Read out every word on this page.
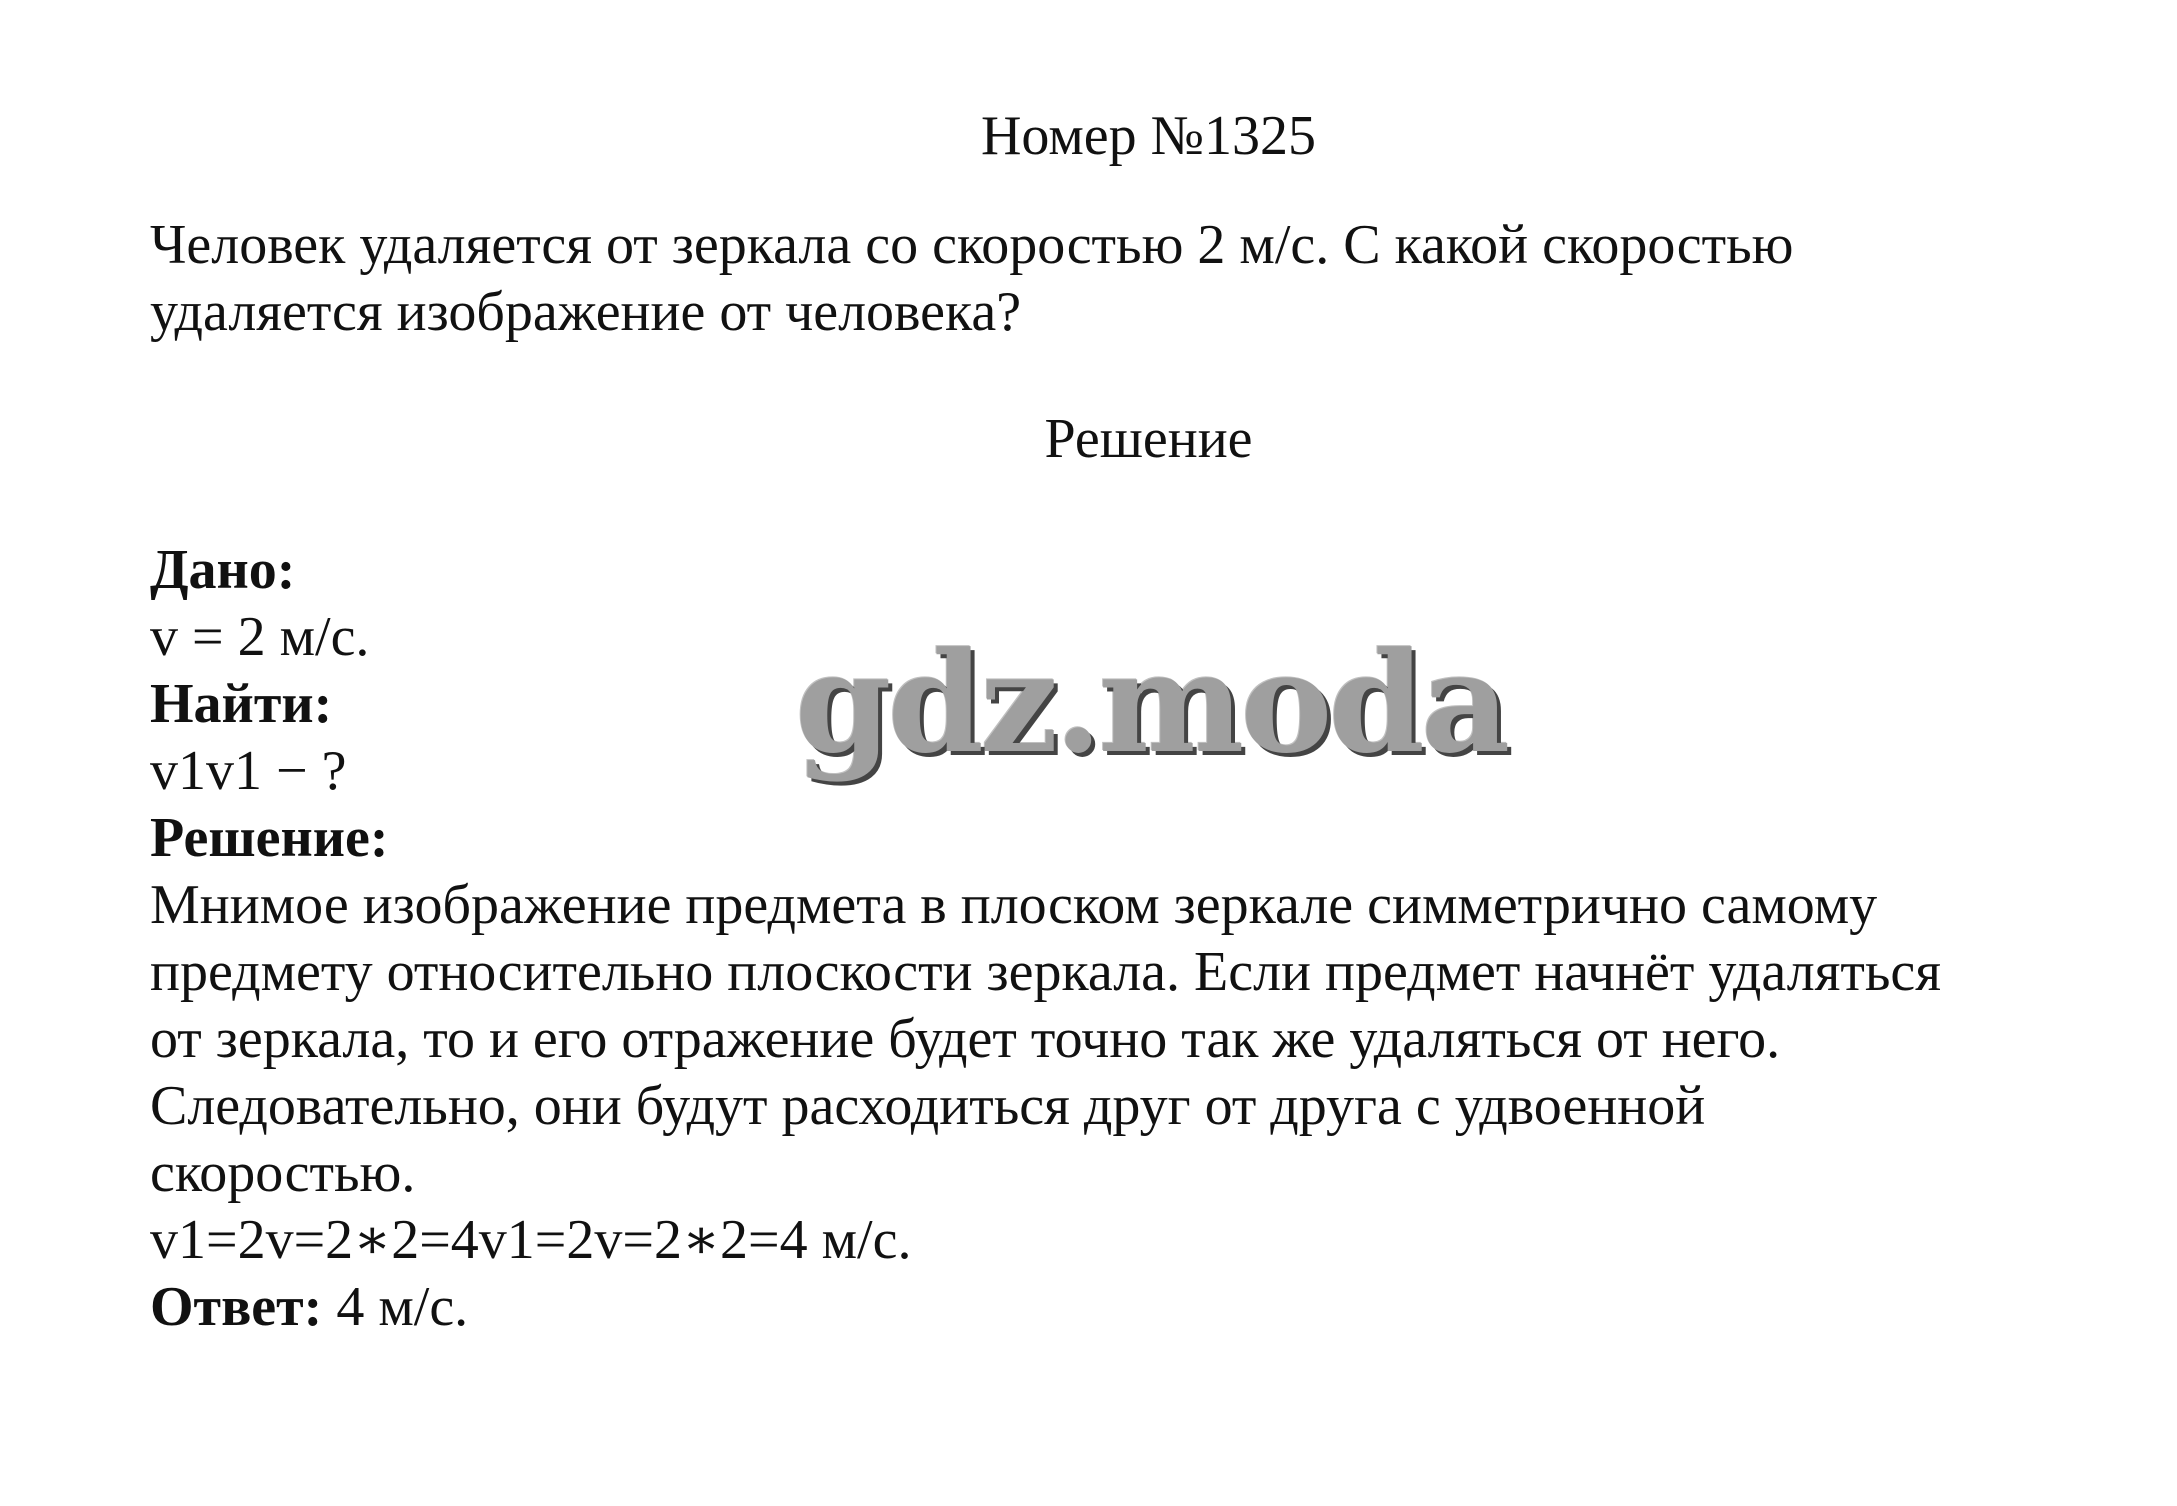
Номер №1325
Человек удаляется от зеркала со скоростью 2 м/с. С какой скоростью
удаляется изображение от человека?
Решение
Дано:
v = 2 м/с.
Найти:
v1v1 − ?
Решение:
Мнимое изображение предмета в плоском зеркале симметрично самому
предмету относительно плоскости зеркала. Если предмет начнёт удаляться
от зеркала, то и его отражение будет точно так же удаляться от него.
Следовательно, они будут расходиться друг от друга с удвоенной
скоростью.
v1=2v=2∗2=4v1=2v=2∗2=4 м/с.
Ответ: 4 м/с.
gdz.moda
